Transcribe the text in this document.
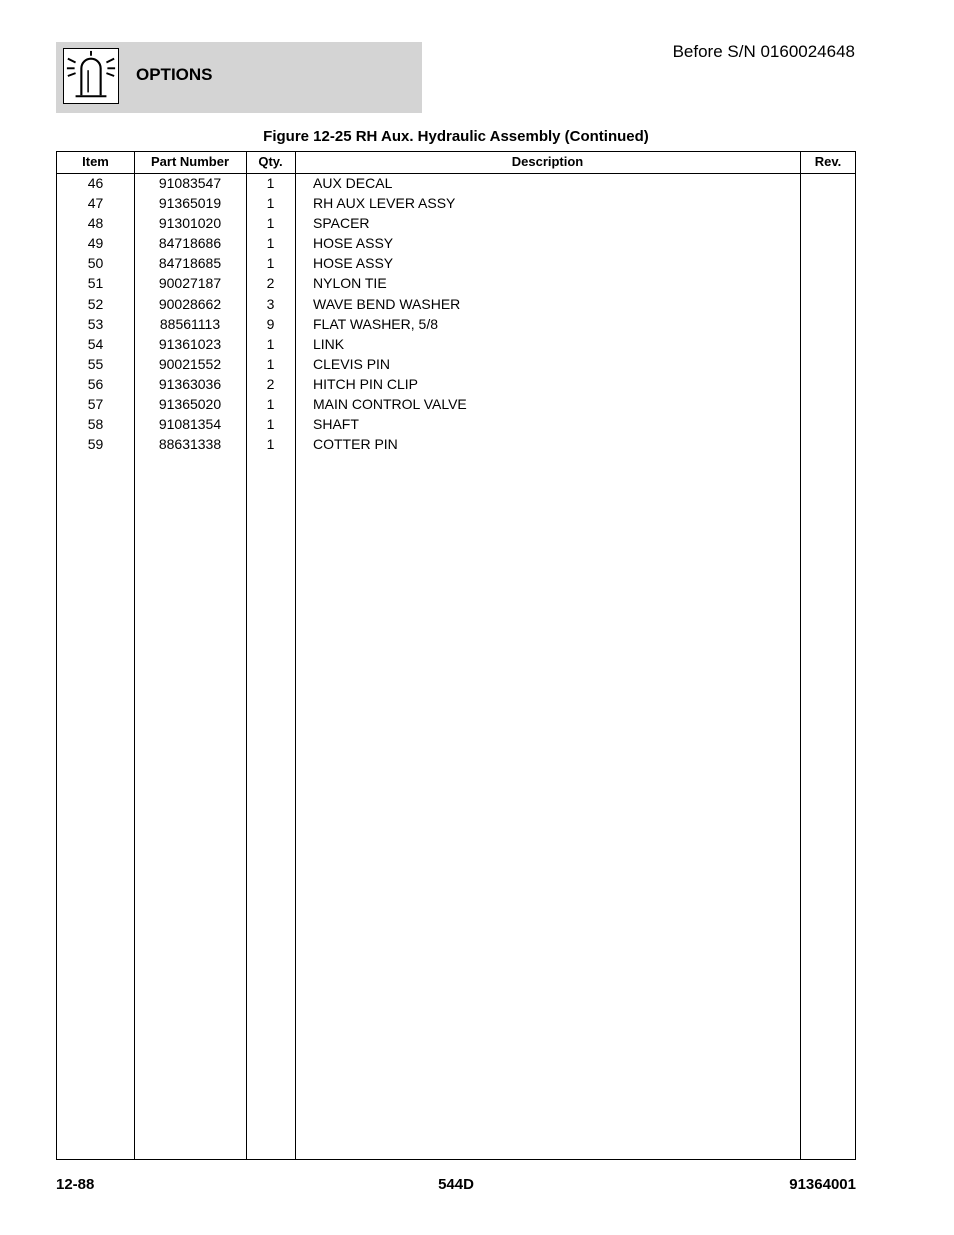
OPTIONS
Before S/N 0160024648
Figure 12-25 RH Aux. Hydraulic Assembly (Continued)
Item	Part Number	Qty.	Description	Rev.
46	91083547	1	AUX DECAL
47	91365019	1	RH AUX LEVER ASSY
48	91301020	1	SPACER
49	84718686	1	HOSE ASSY
50	84718685	1	HOSE ASSY
51	90027187	2	NYLON TIE
52	90028662	3	WAVE BEND WASHER
53	88561113	9	FLAT WASHER, 5/8
54	91361023	1	LINK
55	90021552	1	CLEVIS PIN
56	91363036	2	HITCH PIN CLIP
57	91365020	1	MAIN CONTROL VALVE
58	91081354	1	SHAFT
59	88631338	1	COTTER PIN
12-88	544D	91364001
